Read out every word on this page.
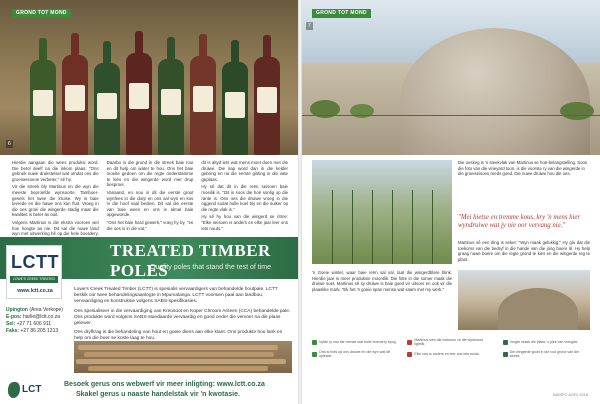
6
GROND TOT MOND

Hierdie aangaan die wees produksi word. Die betol deelf na die inkom plaas. "Ons gebruik nuwe drukstelsel wat omdat ons die groeiseisoene verbeter," sê hy.

Vir die streek bly Martinus en die wyn die meeste beproefde wynsoorte. Tamboer-gesels het twee die kruise. Wy is baie tevrede en die hawe ons kan fluit. Vroeg in die oes groei die wingerde stadig maar die kwaliteit is beter as ooit.

Volgens Martinus is die ekstra vooroes wel hoe hoogte as nie. Dit sal die nuwe land wyn met uitwerking hê op die hele boerdery,

Daarbo is die grond in die streek baie rooi en dit help om water te hou. Ons het baie moeite gedoen om die regte onderstamme te kies en die wingerde word met drup besproei.

Vanaand, en nou is dit die eerste groot wynfees in die dorp en ons sal wyn en kos in die hoof saal bedien. Dit sal die eerste van baie wees en ons is almal baie opgewonde.

"Ons het baie hard gewerk," voeg hy by, "en die oes is in die vat."

dit is altyd iets wat mens moet doen met die druiwe. Die sap word dan in die kelder gebring en na die eerste gisting in die vate geplaas.

Hy sê dat dit in die reën seisoen baie moeilik is. "Dit is soos die hoë sonlig op die rante is. Ons oes die druiwe vroeg in die oggend sodat hulle koel bly en die suiker op die regte vlak is."

Hy sê hy hou van die wingerd se ritme: "Elke seisoen is anders en elke jaar leer ons iets nuuts."

TREATED TIMBER POLES
Quality poles that stand the test of time
LCTT
LOWE'S CREEK TREATED TIMBER
www.lctt.co.za
Upington (Area Verkope)
E-pos: harlie@lctt.co.za
Sel: +27 71 606 911
Faks: +27 86 205 1313

Lowe's Creek Treated Timber (LCTT) is spesialis vervaardigers van behandelde houtpale. LCTT beskik oor twee behandelingsaanlegte in Mpumalanga. LCTT voorsien paal aan landbou, vervaardiging en konstruksie volgens SABS-spesifikasies.

Ons spesialiseer in die vervaardiging van Kreosoot en Koper Chroom Arseen (CCA) behandelde pale. Ons produkte word volgens SABS-standaarde vervaardig en goed onder die vervoer na die plaas gelewer.

Ons dryfkrag is die behandeling van hout en goeie diens aan elke klant. Ons produkte hou lank en help om die boer se koste laag te hou.

LCT	Besoek gerus ons webwerf vir meer inligting: www.lctt.co.za
Skakel gerus u naaste handelstak vir 'n kwotasie.
7
GROND TOT MOND
Die oeskeg is 'n steekvlak van Martinus se hoë-belangstelling. Soos die foto van die vineyard toon, is die voorste ry van die wingerde in die groeiseisoen reeds goed. Die nuwe druiwe hou die oes.
"Mei hietse en tremme kous, kry 'n mens hier wyndruiwe wat jy nie oor vervang nie."
Martinus sê een ding is seker: "Wyn maak gelukkig." Hy glo dat die toekoms van die bedryf in die hande van die jong boere lê. Hy help graag nuwe boere om die regte grond te kies en die wingerde reg te plant.
'n Goeie winter, waar baie reën sal val, laat die wingerdblare blink. Hierdie jaar is meer produksie moontlik. Die hitte in die somer maak die druiwe soet. Martinus sê sy druiwe is baie goed vir uitvoer en ook vir die plaaslike mark. "Ek het 'n goeie span mense wat saam met my werk."
Vyfde ry van die mense wat hulle boerdery spog.	Martinus sien die toekoms vir die wynboere ligtelik.	Vrugte maak die plaas 'n plek van vreugde.
Ons is trots op ons druiwe en die wyn wat dit oplewer.	Elke oes is anders en leer ons iets nuuts.	Die wingerde groei in die rooi grond van die streek.
NAMPO AGRI 2016
